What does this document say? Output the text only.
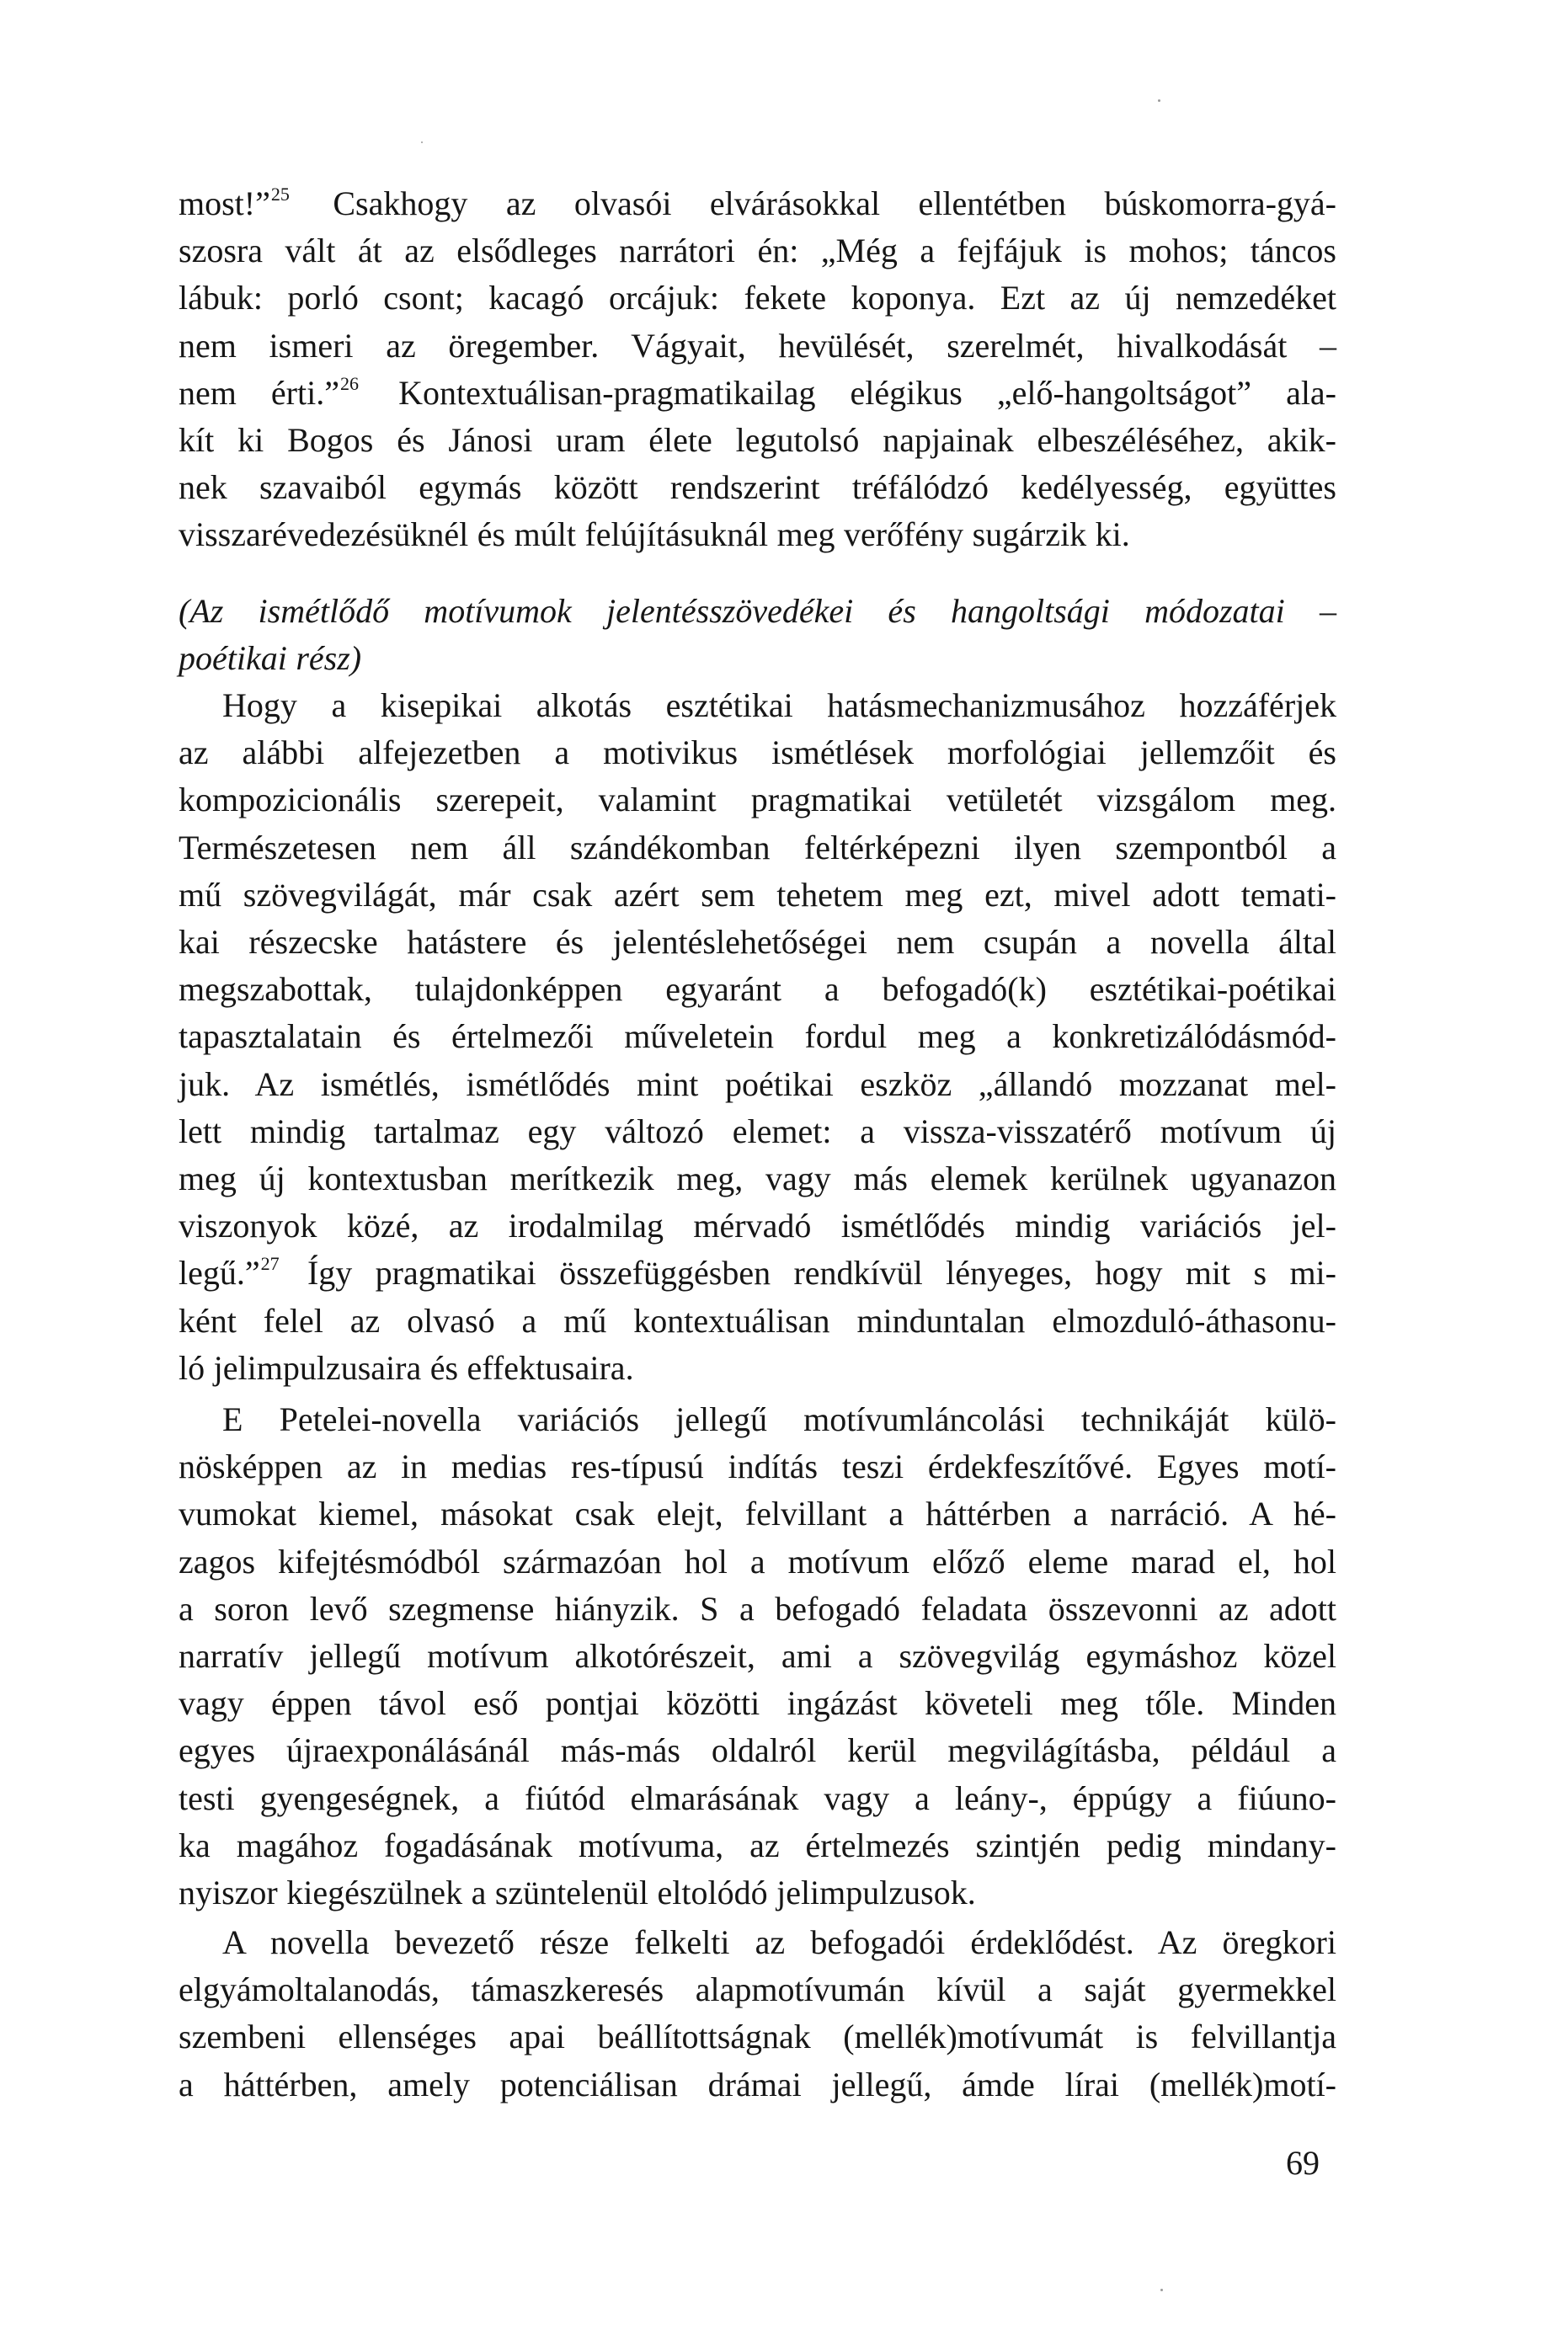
most!”$^{25}$ Csakhogy az olvasói elvárásokkal ellentétben búskomorra-gyá-
szosra vált át az elsődleges narrátori én: „Még a fejfájuk is mohos; táncos
lábuk: porló csont; kacagó orcájuk: fekete koponya. Ezt az új nemzedéket
nem ismeri az öregember. Vágyait, hevülését, szerelmét, hivalkodását –
nem érti.”$^{26}$ Kontextuálisan-pragmatikailag elégikus „elő-hangoltságot” ala-
kít ki Bogos és Jánosi uram élete legutolsó napjainak elbeszéléséhez, akik-
nek szavaiból egymás között rendszerint tréfálódzó kedélyesség, együttes
visszarévedezésüknél és múlt felújításuknál meg verőfény sugárzik ki.
(Az ismétlődő motívumok jelentésszövedékei és hangoltsági módozatai –
poétikai rész)
Hogy a kisepikai alkotás esztétikai hatásmechanizmusához hozzáférjek
az alábbi alfejezetben a motivikus ismétlések morfológiai jellemzőit és
kompozicionális szerepeit, valamint pragmatikai vetületét vizsgálom meg.
Természetesen nem áll szándékomban feltérképezni ilyen szempontból a
mű szövegvilágát, már csak azért sem tehetem meg ezt, mivel adott temati-
kai részecske hatástere és jelentéslehetőségei nem csupán a novella által
megszabottak, tulajdonképpen egyaránt a befogadó(k) esztétikai-poétikai
tapasztalatain és értelmezői műveletein fordul meg a konkretizálódásmód-
juk. Az ismétlés, ismétlődés mint poétikai eszköz „állandó mozzanat mel-
lett mindig tartalmaz egy változó elemet: a vissza-visszatérő motívum új
meg új kontextusban merítkezik meg, vagy más elemek kerülnek ugyanazon
viszonyok közé, az irodalmilag mérvadó ismétlődés mindig variációs jel-
legű.”$^{27}$ Így pragmatikai összefüggésben rendkívül lényeges, hogy mit s mi-
ként felel az olvasó a mű kontextuálisan minduntalan elmozduló-áthasonu-
ló jelimpulzusaira és effektusaira.
E Petelei-novella variációs jellegű motívumláncolási technikáját külö-
nösképpen az in medias res-típusú indítás teszi érdekfeszítővé. Egyes motí-
vumokat kiemel, másokat csak elejt, felvillant a háttérben a narráció. A hé-
zagos kifejtésmódból származóan hol a motívum előző eleme marad el, hol
a soron levő szegmense hiányzik. S a befogadó feladata összevonni az adott
narratív jellegű motívum alkotórészeit, ami a szövegvilág egymáshoz közel
vagy éppen távol eső pontjai közötti ingázást követeli meg tőle. Minden
egyes újraexponálásánál más-más oldalról kerül megvilágításba, például a
testi gyengeségnek, a fiútód elmarásának vagy a leány-, éppúgy a fiúuno-
ka magához fogadásának motívuma, az értelmezés szintjén pedig mindany-
nyiszor kiegészülnek a szüntelenül eltolódó jelimpulzusok.
A novella bevezető része felkelti az befogadói érdeklődést. Az öregkori
elgyámoltalanodás, támaszkeresés alapmotívumán kívül a saját gyermekkel
szembeni ellenséges apai beállítottságnak (mellék)motívumát is felvillantja
a háttérben, amely potenciálisan drámai jellegű, ámde lírai (mellék)motí-
69
